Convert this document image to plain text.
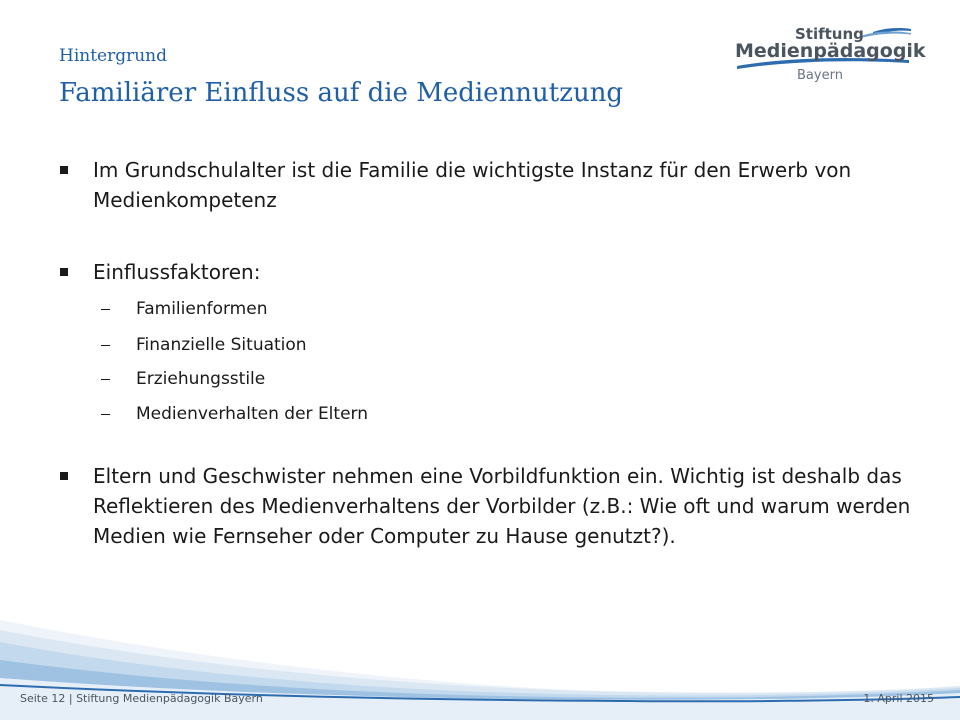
Hintergrund
Familiärer Einfluss auf die Mediennutzung
Stiftung
Medienpädagogik
Bayern
Im Grundschulalter ist die Familie die wichtigste Instanz für den Erwerb von Medienkompetenz
Einflussfaktoren:
Familienformen
Finanzielle Situation
Erziehungsstile
Medienverhalten der Eltern
Eltern und Geschwister nehmen eine Vorbildfunktion ein. Wichtig ist deshalb das Reflektieren des Medienverhaltens der Vorbilder (z.B.: Wie oft und warum werden Medien wie Fernseher oder Computer zu Hause genutzt?).
Seite 12 | Stiftung Medienpädagogik Bayern	1. April 2015
